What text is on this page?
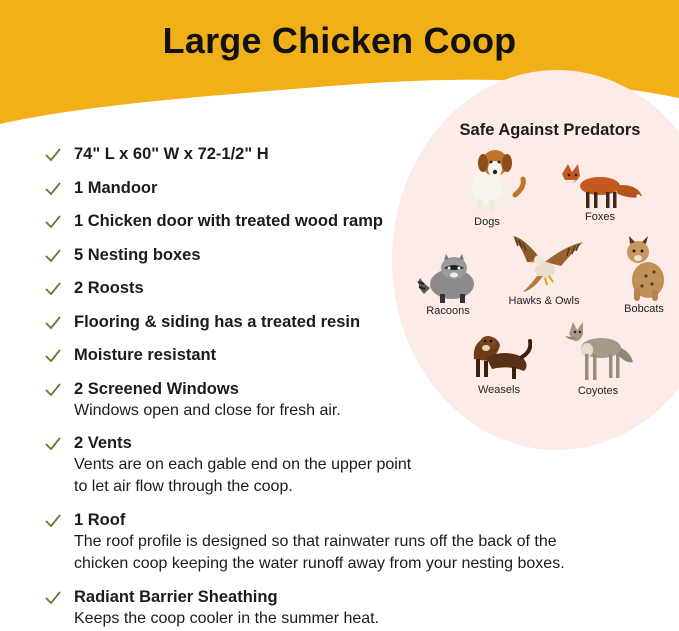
Large Chicken Coop
Safe Against Predators
Dogs	Foxes
Racoons
Hawks & Owls
Bobcats
Weasels	Coyotes
74" L x 60" W x 72-1/2" H
1 Mandoor
1 Chicken door with treated wood ramp
5 Nesting boxes
2 Roosts
Flooring & siding has a treated resin
Moisture resistant
2 Screened Windows
Windows open and close for fresh air.
2 Vents
Vents are on each gable end on the upper point
to let air flow through the coop.
1 Roof
The roof profile is designed so that rainwater runs off the back of the
chicken coop keeping the water runoff away from your nesting boxes.
Radiant Barrier Sheathing
Keeps the coop cooler in the summer heat.
